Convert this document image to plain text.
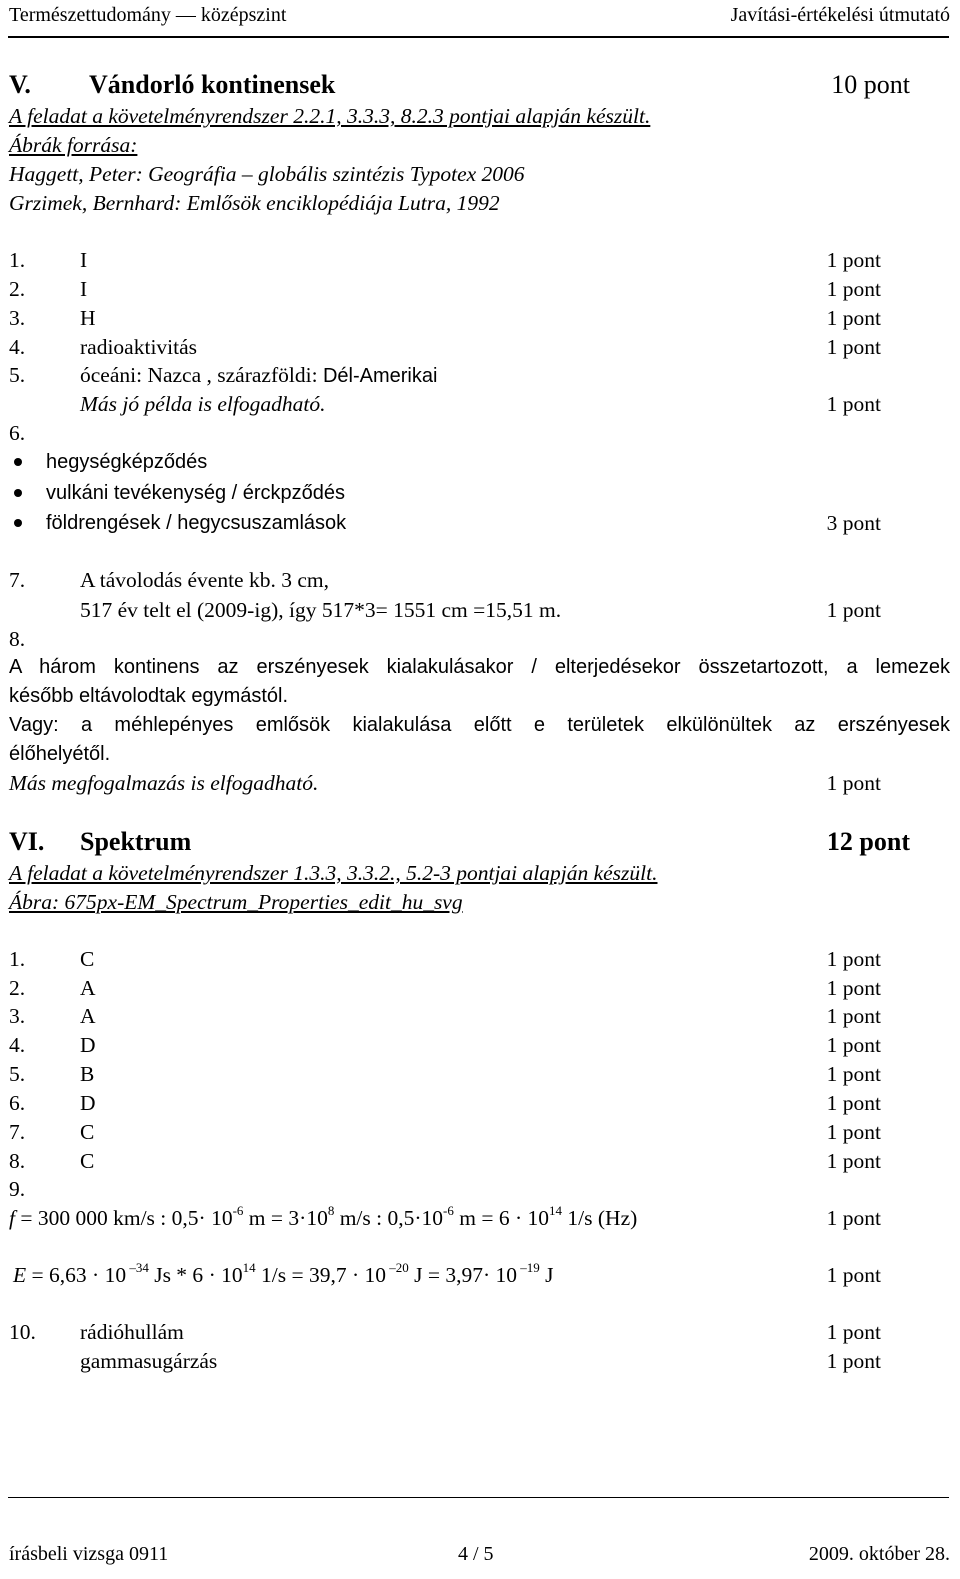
Természettudomány — középszint	Javítási-értékelési útmutató
V. Vándorló kontinensek	10 pont
A feladat a követelményrendszer 2.2.1, 3.3.3, 8.2.3 pontjai alapján készült.
Ábrák forrása:
Haggett, Peter: Geográfia – globális szintézis Typotex 2006
Grzimek, Bernhard: Emlősök enciklopédiája Lutra, 1992
1.	I	1 pont
2.	I	1 pont
3.	H	1 pont
4.	radioaktivitás	1 pont
5.	óceáni: Nazca , szárazföldi: Dél-Amerikai
Más jó példa is elfogadható.	1 pont
6.
hegységképződés
vulkáni tevékenység / érckpződés
földrengések / hegycsuszamlások	3 pont
7.	A távolodás évente kb. 3 cm,
517 év telt el (2009-ig), így 517*3= 1551 cm =15,51 m.	1 pont
8.
A három kontinens az erszényesek kialakulásakor / elterjedésekor összetartozott, a lemezek
később eltávolodtak egymástól.
Vagy: a méhlepényes emlősök kialakulása előtt e területek elkülönültek az erszényesek
élőhelyétől.
Más megfogalmazás is elfogadható.	1 pont
VI. Spektrum	12 pont
A feladat a követelményrendszer 1.3.3, 3.3.2., 5.2-3 pontjai alapján készült.
Ábra: 675px-EM_Spectrum_Properties_edit_hu_svg
1.	C	1 pont
2.	A	1 pont
3.	A	1 pont
4.	D	1 pont
5.	B	1 pont
6.	D	1 pont
7.	C	1 pont
8.	C	1 pont
9.
f = 300 000 km/s : $0,5\cdot 10^{-6}$ $m = 3\cdot 10^8$ m/s : $0,5\cdot 10^{-6}$ $m = 6 \cdot 10^{14}$ 1/s (Hz)	1 pont
E = 6,63 · 10 $^{-34}$ $Js * 6 \cdot 10^{14}$ 1/s = 39,7 · 10 $^{-20}$ J = 3,97· 10 $^{-19}$ J	1 pont
10. rádióhullám	1 pont
gammasugárzás	1 pont
írásbeli vizsga 0911	4 / 5	2009. október 28.
